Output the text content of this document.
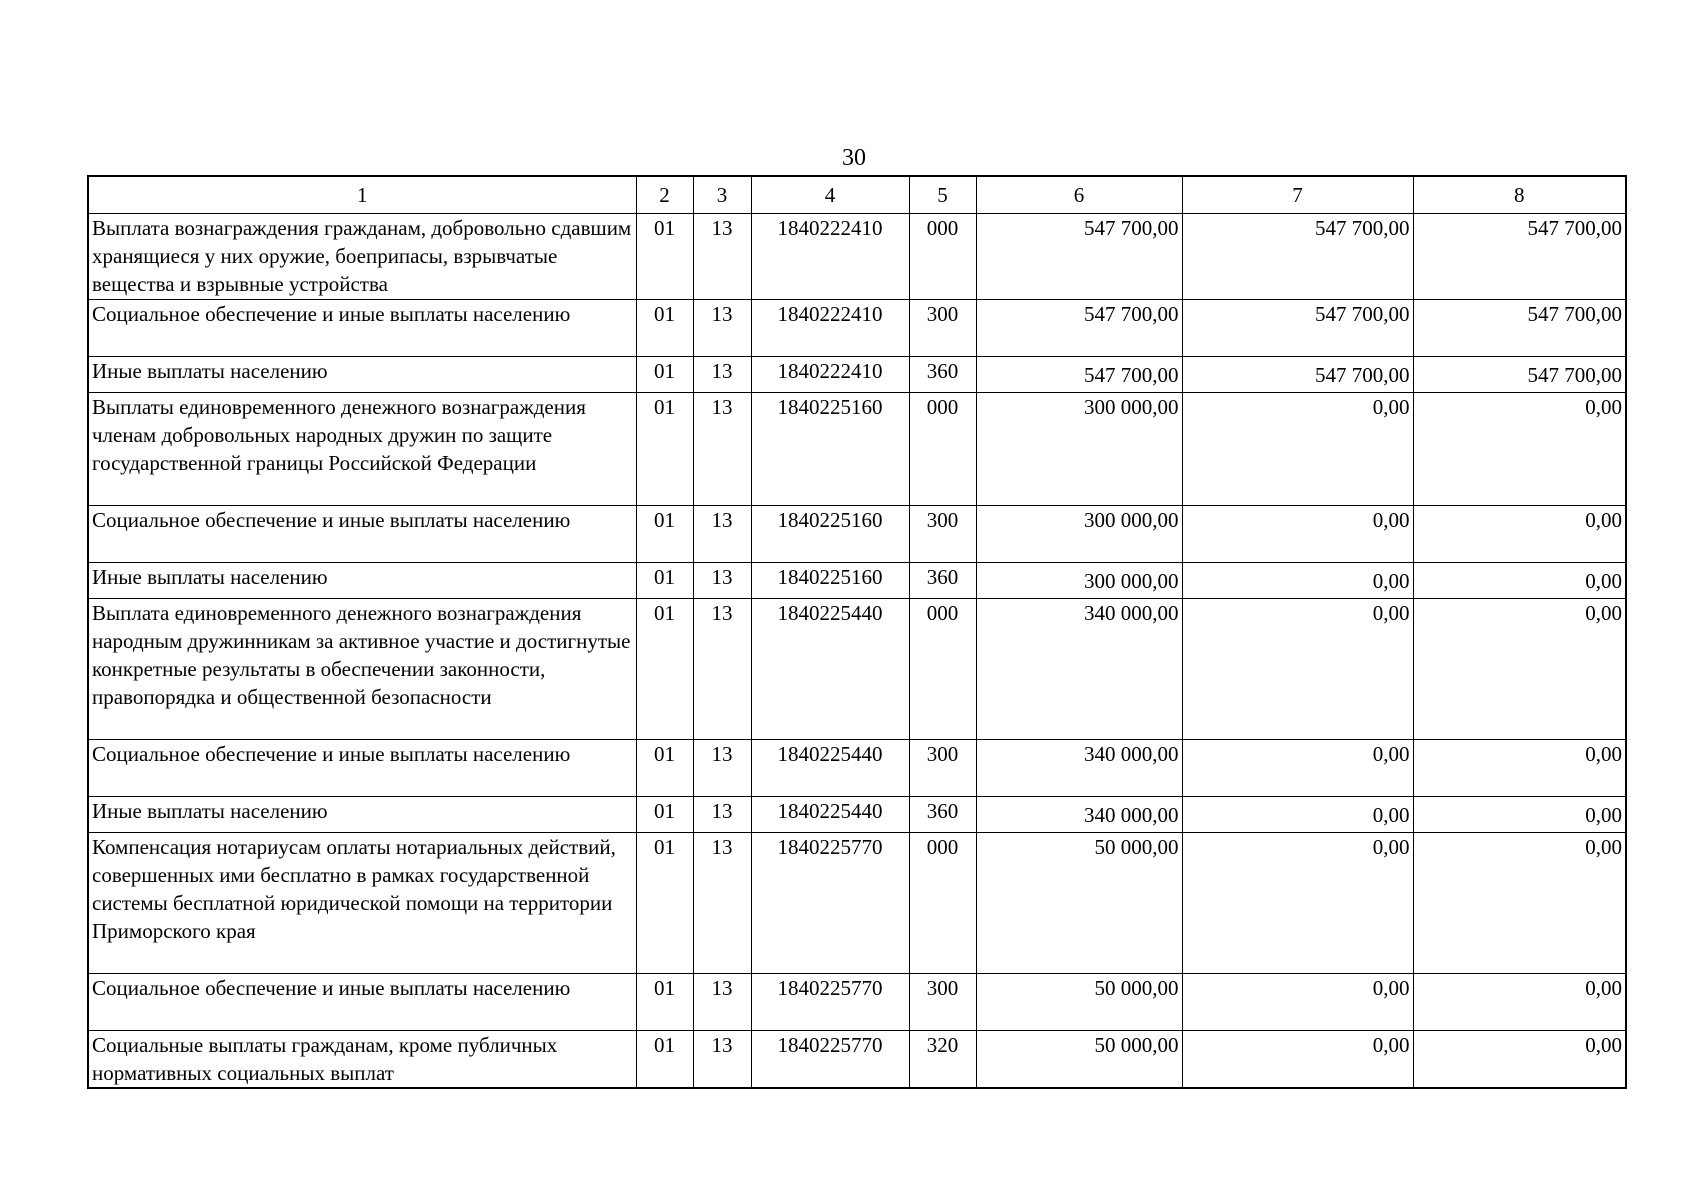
30
1	2	3	4	5	6	7	8
Выплата вознаграждения гражданам, добровольно сдавшим хранящиеся у них оружие, боеприпасы, взрывчатые вещества и взрывные устройства	01	13	1840222410	000	547 700,00	547 700,00	547 700,00
Социальное обеспечение и иные выплаты населению	01	13	1840222410	300	547 700,00	547 700,00	547 700,00
Иные выплаты населению	01	13	1840222410	360	547 700,00	547 700,00	547 700,00
Выплаты единовременного денежного вознаграждения членам добровольных народных дружин по защите государственной границы Российской Федерации	01	13	1840225160	000	300 000,00	0,00	0,00
Социальное обеспечение и иные выплаты населению	01	13	1840225160	300	300 000,00	0,00	0,00
Иные выплаты населению	01	13	1840225160	360	300 000,00	0,00	0,00
Выплата единовременного денежного вознаграждения народным дружинникам за активное участие и достигнутые конкретные результаты в обеспечении законности, правопорядка и общественной безопасности	01	13	1840225440	000	340 000,00	0,00	0,00
Социальное обеспечение и иные выплаты населению	01	13	1840225440	300	340 000,00	0,00	0,00
Иные выплаты населению	01	13	1840225440	360	340 000,00	0,00	0,00
Компенсация нотариусам оплаты нотариальных действий, совершенных ими бесплатно в рамках государственной системы бесплатной юридической помощи на территории Приморского края	01	13	1840225770	000	50 000,00	0,00	0,00
Социальное обеспечение и иные выплаты населению	01	13	1840225770	300	50 000,00	0,00	0,00
Социальные выплаты гражданам, кроме публичных нормативных социальных выплат	01	13	1840225770	320	50 000,00	0,00	0,00
